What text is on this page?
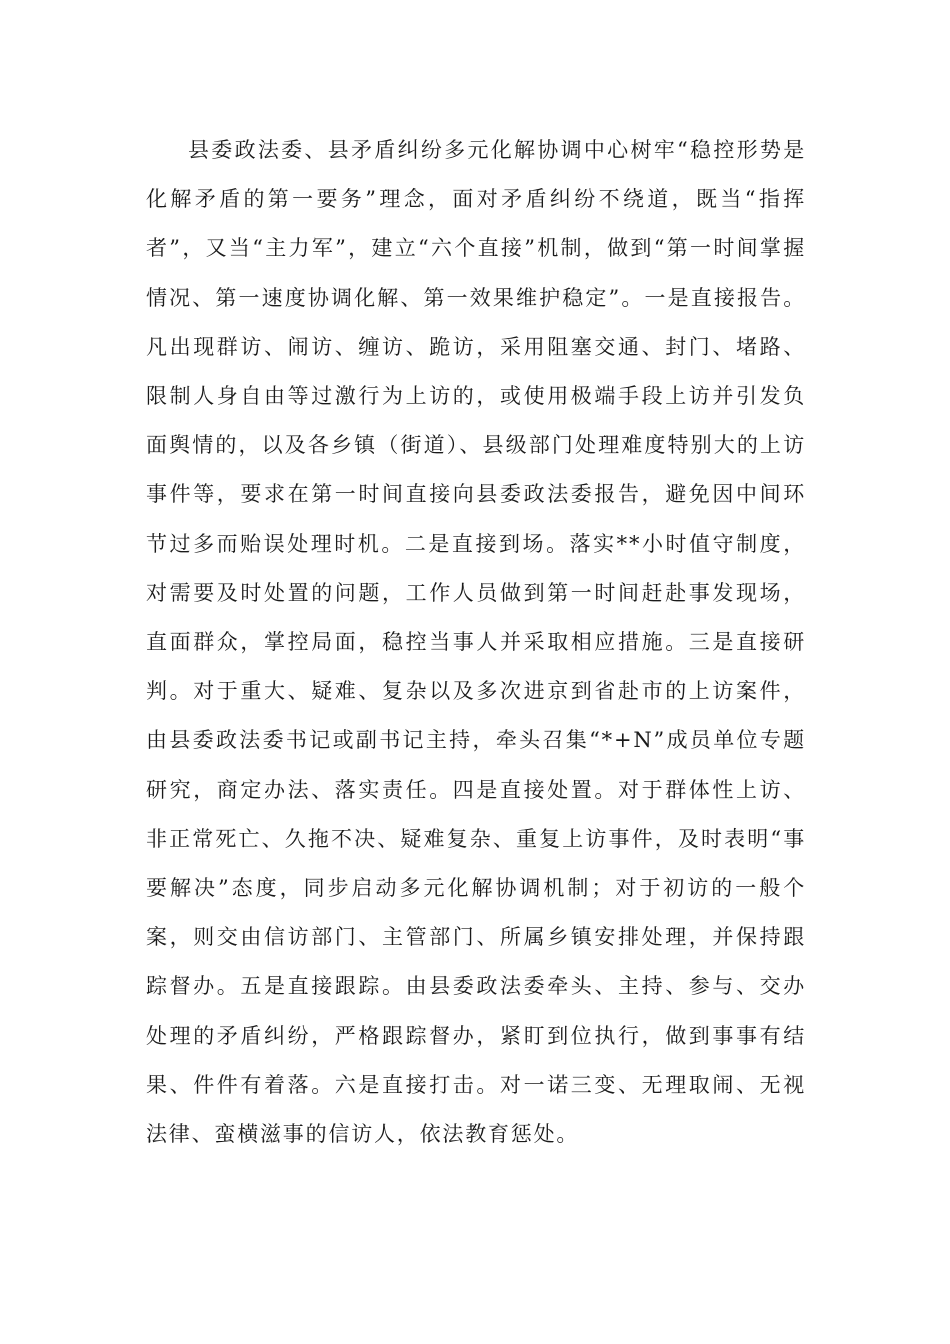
县委政法委、县矛盾纠纷多元化解协调中心树牢“稳控形势是化解矛盾的第一要务”理念，面对矛盾纠纷不绕道，既当“指挥者”，又当“主力军”，建立“六个直接”机制，做到“第一时间掌握情况、第一速度协调化解、第一效果维护稳定”。一是直接报告。凡出现群访、闹访、缠访、跪访，采用阻塞交通、封门、堵路、限制人身自由等过激行为上访的，或使用极端手段上访并引发负面舆情的，以及各乡镇（街道）、县级部门处理难度特别大的上访事件等，要求在第一时间直接向县委政法委报告，避免因中间环节过多而贻误处理时机。二是直接到场。落实**小时值守制度，对需要及时处置的问题，工作人员做到第一时间赶赴事发现场，直面群众，掌控局面，稳控当事人并采取相应措施。三是直接研判。对于重大、疑难、复杂以及多次进京到省赴市的上访案件，由县委政法委书记或副书记主持，牵头召集“*+N”成员单位专题研究，商定办法、落实责任。四是直接处置。对于群体性上访、非正常死亡、久拖不决、疑难复杂、重复上访事件，及时表明“事要解决”态度，同步启动多元化解协调机制；对于初访的一般个案，则交由信访部门、主管部门、所属乡镇安排处理，并保持跟踪督办。五是直接跟踪。由县委政法委牵头、主持、参与、交办处理的矛盾纠纷，严格跟踪督办，紧盯到位执行，做到事事有结果、件件有着落。六是直接打击。对一诺三变、无理取闹、无视法律、蛮横滋事的信访人，依法教育惩处。
